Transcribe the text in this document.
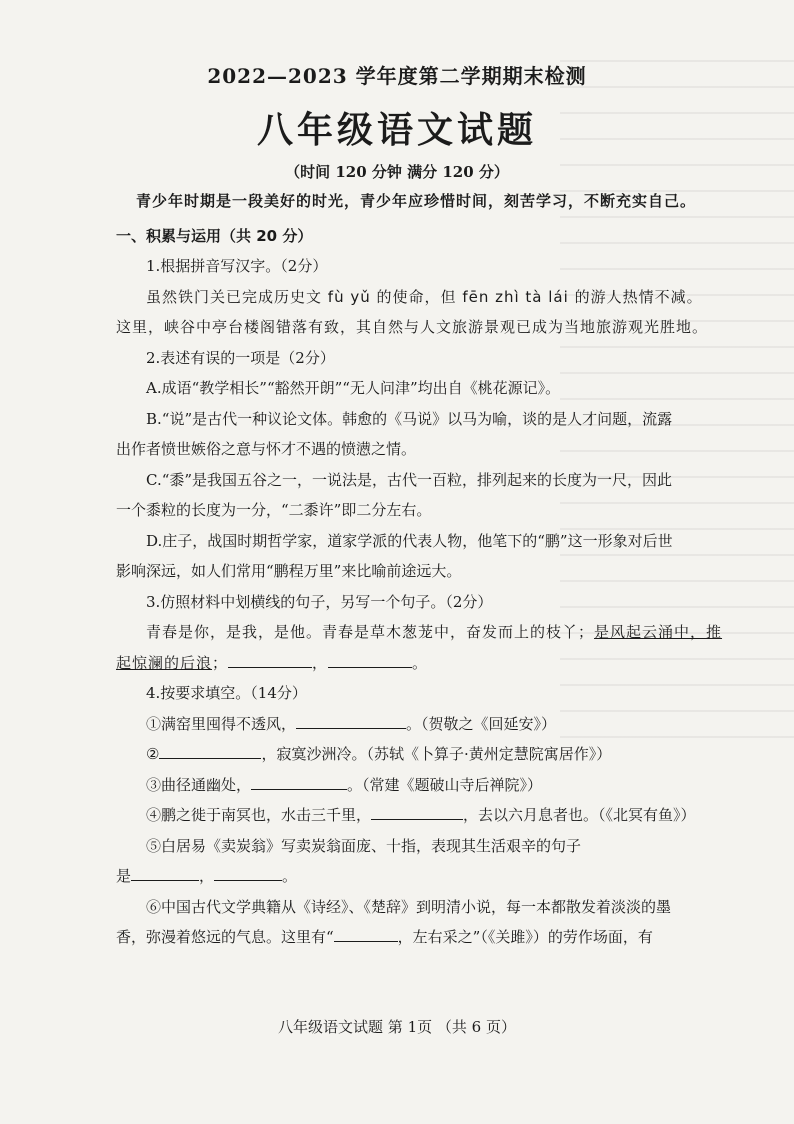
2022—2023 学年度第二学期期末检测
八年级语文试题
（时间 120 分钟 满分 120 分）
青少年时期是一段美好的时光，青少年应珍惜时间，刻苦学习，不断充实自己。
一、积累与运用（共 20 分）
1.根据拼音写汉字。（2分）
虽然铁门关已完成历史文 fù yǔ 的使命，但 fēn zhì tà lái 的游人热情不减。
这里，峡谷中亭台楼阁错落有致，其自然与人文旅游景观已成为当地旅游观光胜地。
2.表述有误的一项是（2分）
A.成语“教学相长”“豁然开朗”“无人问津”均出自《桃花源记》。
B.“说”是古代一种议论文体。韩愈的《马说》以马为喻，谈的是人才问题，流露
出作者愤世嫉俗之意与怀才不遇的愤懑之情。
C.“黍”是我国五谷之一，一说法是，古代一百粒，排列起来的长度为一尺，因此
一个黍粒的长度为一分，“二黍许”即二分左右。
D.庄子，战国时期哲学家，道家学派的代表人物，他笔下的“鹏”这一形象对后世
影响深远，如人们常用“鹏程万里”来比喻前途远大。
3.仿照材料中划横线的句子，另写一个句子。（2分）
青春是你，是我，是他。青春是草木葱茏中，奋发而上的枝丫；是风起云涌中，推
起惊澜的后浪；	，	。
4.按要求填空。（14分）
①满窑里囤得不透风，	。（贺敬之《回延安》）
②	，寂寞沙洲冷。（苏轼《卜算子·黄州定慧院寓居作》）
③曲径通幽处，	。（常建《题破山寺后禅院》）
④鹏之徙于南冥也，水击三千里，	，去以六月息者也。（《北冥有鱼》）
⑤白居易《卖炭翁》写卖炭翁面庞、十指，表现其生活艰辛的句子
是	，	。
⑥中国古代文学典籍从《诗经》、《楚辞》到明清小说，每一本都散发着淡淡的墨
香，弥漫着悠远的气息。这里有“	，左右采之”（《关雎》）的劳作场面，有
八年级语文试题 第 1页 （共 6 页）
